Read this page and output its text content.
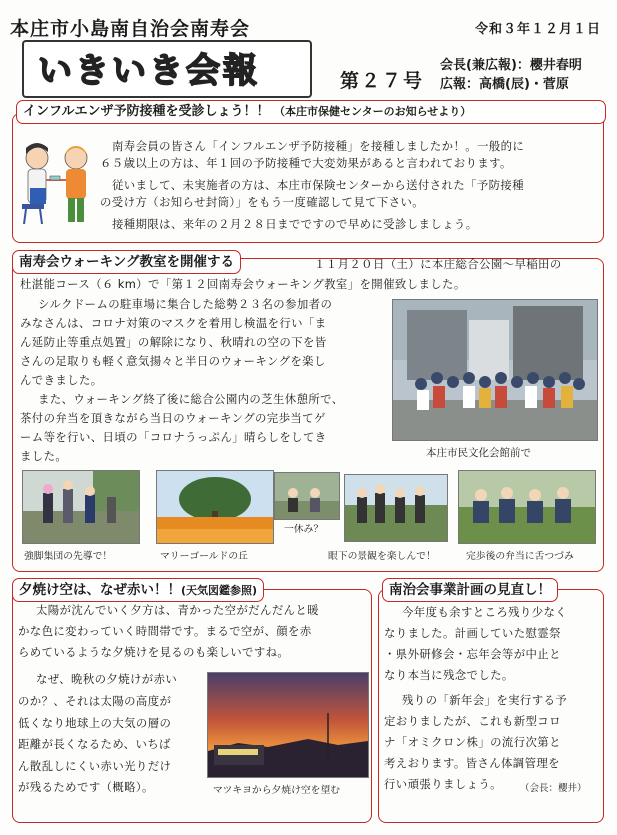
本庄市小島南自治会南寿会	令和３年１２月１日
いきいき会報	第２７号
会長(兼広報)：櫻井春明
広報：高橋(辰)・菅原
インフルエンザ予防接種を受診しょう！！ （本庄市保健センターのお知らせより）
南寿会員の皆さん「インフルエンザ予防接種」を接種しましたか！。一般的に
６５歳以上の方は、年１回の予防接種で大変効果があると言われております。
従いまして、未実施者の方は、本庄市保険センターから送付された「予防接種
の受け方（お知らせ封筒）」をもう一度確認して見て下さい。
接種期限は、来年の２月２８日までですので早めに受診しましょう。
南寿会ウォーキング教室を開催する	１１月２０日（土）に本庄総合公園～早稲田の
杜湛能コース（６ km）で「第１２回南寿会ウォーキング教室」を開催致しました。
シルクドームの駐車場に集合した総勢２３名の参加者の
みなさんは、コロナ対策のマスクを着用し検温を行い「ま
ん延防止等重点処置」の解除になり、秋晴れの空の下を皆
さんの足取りも軽く意気揚々と半日のウォーキングを楽し
んできました。
また、ウォーキング終了後に総合公園内の芝生休憩所で、
茶付の弁当を頂きながら当日のウォーキングの完歩当てゲ
ーム等を行い、日頃の「コロナうっぷん」晴らしをしてき
ました。	本庄市民文化会館前で
一休み？
強脚集団の先導で！	マリーゴールドの丘	眼下の景観を楽しんで！	完歩後の弁当に舌つづみ
夕焼け空は、なぜ赤い！！(天気図鑑参照)
太陽が沈んでいく夕方は、青かった空がだんだんと暖
かな色に変わっていく時間帯です。まるで空が、顔を赤
らめているような夕焼けを見るのも楽しいですね。
なぜ、晩秋の夕焼けが赤い
のか？、それは太陽の高度が
低くなり地球上の大気の層の
距離が長くなるため、いちば
ん散乱しにくい赤い光りだけ
が残るためです（概略）。	マツキヨから夕焼け空を望む
南治会事業計画の見直し！
今年度も余すところ残り少なく
なりました。計画していた慰霊祭
・県外研修会・忘年会等が中止と
なり本当に残念でした。
残りの「新年会」を実行する予
定おりましたが、これも新型コロ
ナ「オミクロン株」の流行次第と
考えおります。皆さん体調管理を
行い頑張りましょう。 （会長：櫻井）
